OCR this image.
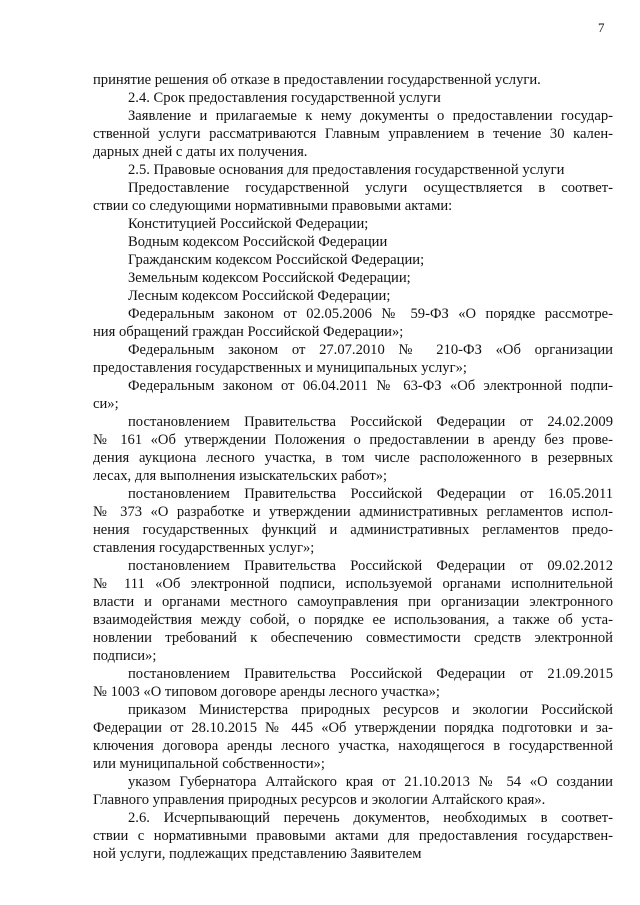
7
принятие решения об отказе в предоставлении государственной услуги.
2.4. Срок предоставления государственной услуги
Заявление и прилагаемые к нему документы о предоставлении государ-
ственной услуги рассматриваются Главным управлением в течение 30 кален-
дарных дней с даты их получения.
2.5. Правовые основания для предоставления государственной услуги
Предоставление государственной услуги осуществляется в соответ-
ствии со следующими нормативными правовыми актами:
Конституцией Российской Федерации;
Водным кодексом Российской Федерации
Гражданским кодексом Российской Федерации;
Земельным кодексом Российской Федерации;
Лесным кодексом Российской Федерации;
Федеральным законом от 02.05.2006 № 59-ФЗ «О порядке рассмотре-
ния обращений граждан Российской Федерации»;
Федеральным законом от 27.07.2010 № 210-ФЗ «Об организации
предоставления государственных и муниципальных услуг»;
Федеральным законом от 06.04.2011 № 63-ФЗ «Об электронной подпи-
си»;
постановлением Правительства Российской Федерации от 24.02.2009
№ 161 «Об утверждении Положения о предоставлении в аренду без прове-
дения аукциона лесного участка, в том числе расположенного в резервных
лесах, для выполнения изыскательских работ»;
постановлением Правительства Российской Федерации от 16.05.2011
№ 373 «О разработке и утверждении административных регламентов испол-
нения государственных функций и административных регламентов предо-
ставления государственных услуг»;
постановлением Правительства Российской Федерации от 09.02.2012
№ 111 «Об электронной подписи, используемой органами исполнительной
власти и органами местного самоуправления при организации электронного
взаимодействия между собой, о порядке ее использования, а также об уста-
новлении требований к обеспечению совместимости средств электронной
подписи»;
постановлением Правительства Российской Федерации от 21.09.2015
№ 1003 «О типовом договоре аренды лесного участка»;
приказом Министерства природных ресурсов и экологии Российской
Федерации от 28.10.2015 № 445 «Об утверждении порядка подготовки и за-
ключения договора аренды лесного участка, находящегося в государственной
или муниципальной собственности»;
указом Губернатора Алтайского края от 21.10.2013 № 54 «О создании
Главного управления природных ресурсов и экологии Алтайского края».
2.6. Исчерпывающий перечень документов, необходимых в соответ-
ствии с нормативными правовыми актами для предоставления государствен-
ной услуги, подлежащих представлению Заявителем
